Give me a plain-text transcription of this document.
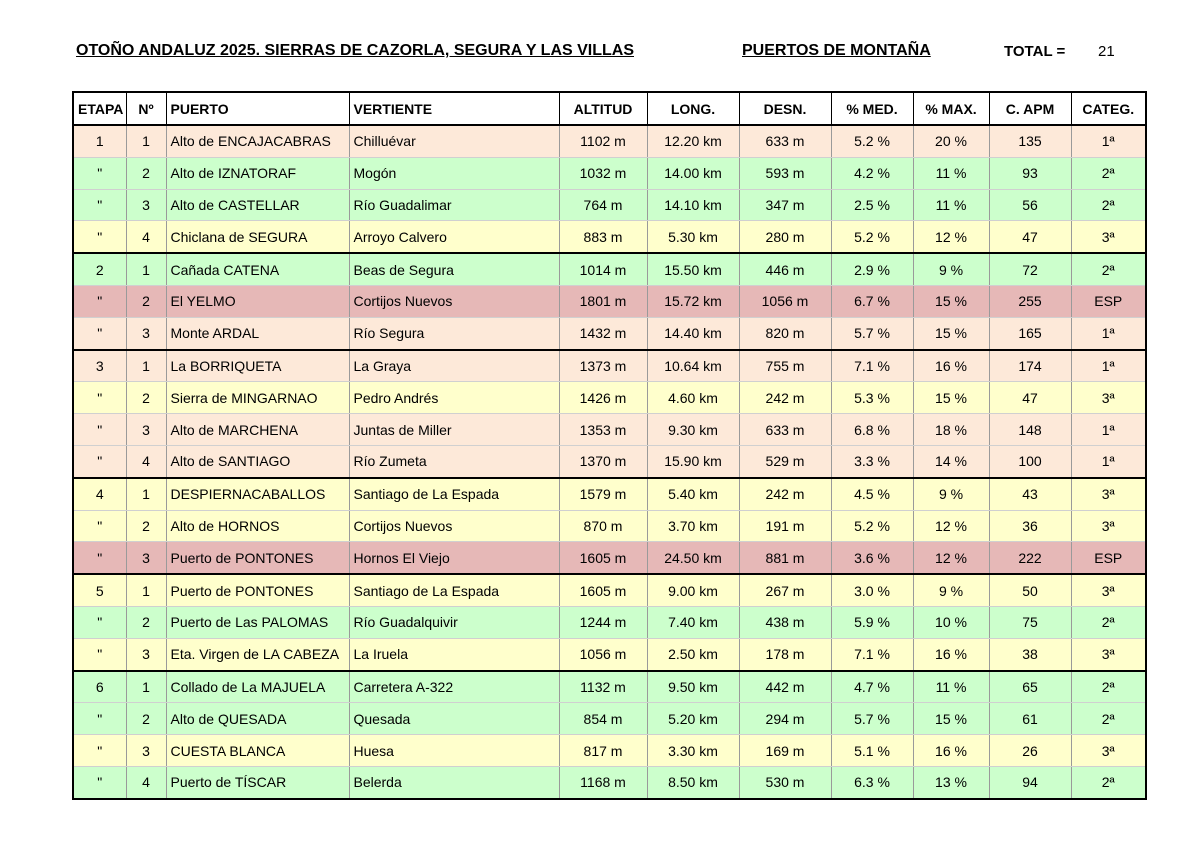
OTOÑO ANDALUZ 2025. SIERRAS DE CAZORLA, SEGURA Y LAS VILLAS	PUERTOS DE MONTAÑA	TOTAL = 21
ETAPA	Nº	PUERTO	VERTIENTE	ALTITUD	LONG.	DESN.	% MED.	% MAX.	C. APM	CATEG.
1	1	Alto de ENCAJACABRAS	Chilluévar	1102 m	12.20 km	633 m	5.2 %	20 %	135	1ª
"	2	Alto de IZNATORAF	Mogón	1032 m	14.00 km	593 m	4.2 %	11 %	93	2ª
"	3	Alto de CASTELLAR	Río Guadalimar	764 m	14.10 km	347 m	2.5 %	11 %	56	2ª
"	4	Chiclana de SEGURA	Arroyo Calvero	883 m	5.30 km	280 m	5.2 %	12 %	47	3ª
2	1	Cañada CATENA	Beas de Segura	1014 m	15.50 km	446 m	2.9 %	9 %	72	2ª
"	2	El YELMO	Cortijos Nuevos	1801 m	15.72 km	1056 m	6.7 %	15 %	255	ESP
"	3	Monte ARDAL	Río Segura	1432 m	14.40 km	820 m	5.7 %	15 %	165	1ª
3	1	La BORRIQUETA	La Graya	1373 m	10.64 km	755 m	7.1 %	16 %	174	1ª
"	2	Sierra de MINGARNAO	Pedro Andrés	1426 m	4.60 km	242 m	5.3 %	15 %	47	3ª
"	3	Alto de MARCHENA	Juntas de Miller	1353 m	9.30 km	633 m	6.8 %	18 %	148	1ª
"	4	Alto de SANTIAGO	Río Zumeta	1370 m	15.90 km	529 m	3.3 %	14 %	100	1ª
4	1	DESPIERNACABALLOS	Santiago de La Espada	1579 m	5.40 km	242 m	4.5 %	9 %	43	3ª
"	2	Alto de HORNOS	Cortijos Nuevos	870 m	3.70 km	191 m	5.2 %	12 %	36	3ª
"	3	Puerto de PONTONES	Hornos El Viejo	1605 m	24.50 km	881 m	3.6 %	12 %	222	ESP
5	1	Puerto de PONTONES	Santiago de La Espada	1605 m	9.00 km	267 m	3.0 %	9 %	50	3ª
"	2	Puerto de Las PALOMAS	Río Guadalquivir	1244 m	7.40 km	438 m	5.9 %	10 %	75	2ª
"	3	Eta. Virgen de LA CABEZA	La Iruela	1056 m	2.50 km	178 m	7.1 %	16 %	38	3ª
6	1	Collado de La MAJUELA	Carretera A-322	1132 m	9.50 km	442 m	4.7 %	11 %	65	2ª
"	2	Alto de QUESADA	Quesada	854 m	5.20 km	294 m	5.7 %	15 %	61	2ª
"	3	CUESTA BLANCA	Huesa	817 m	3.30 km	169 m	5.1 %	16 %	26	3ª
"	4	Puerto de TÍSCAR	Belerda	1168 m	8.50 km	530 m	6.3 %	13 %	94	2ª
